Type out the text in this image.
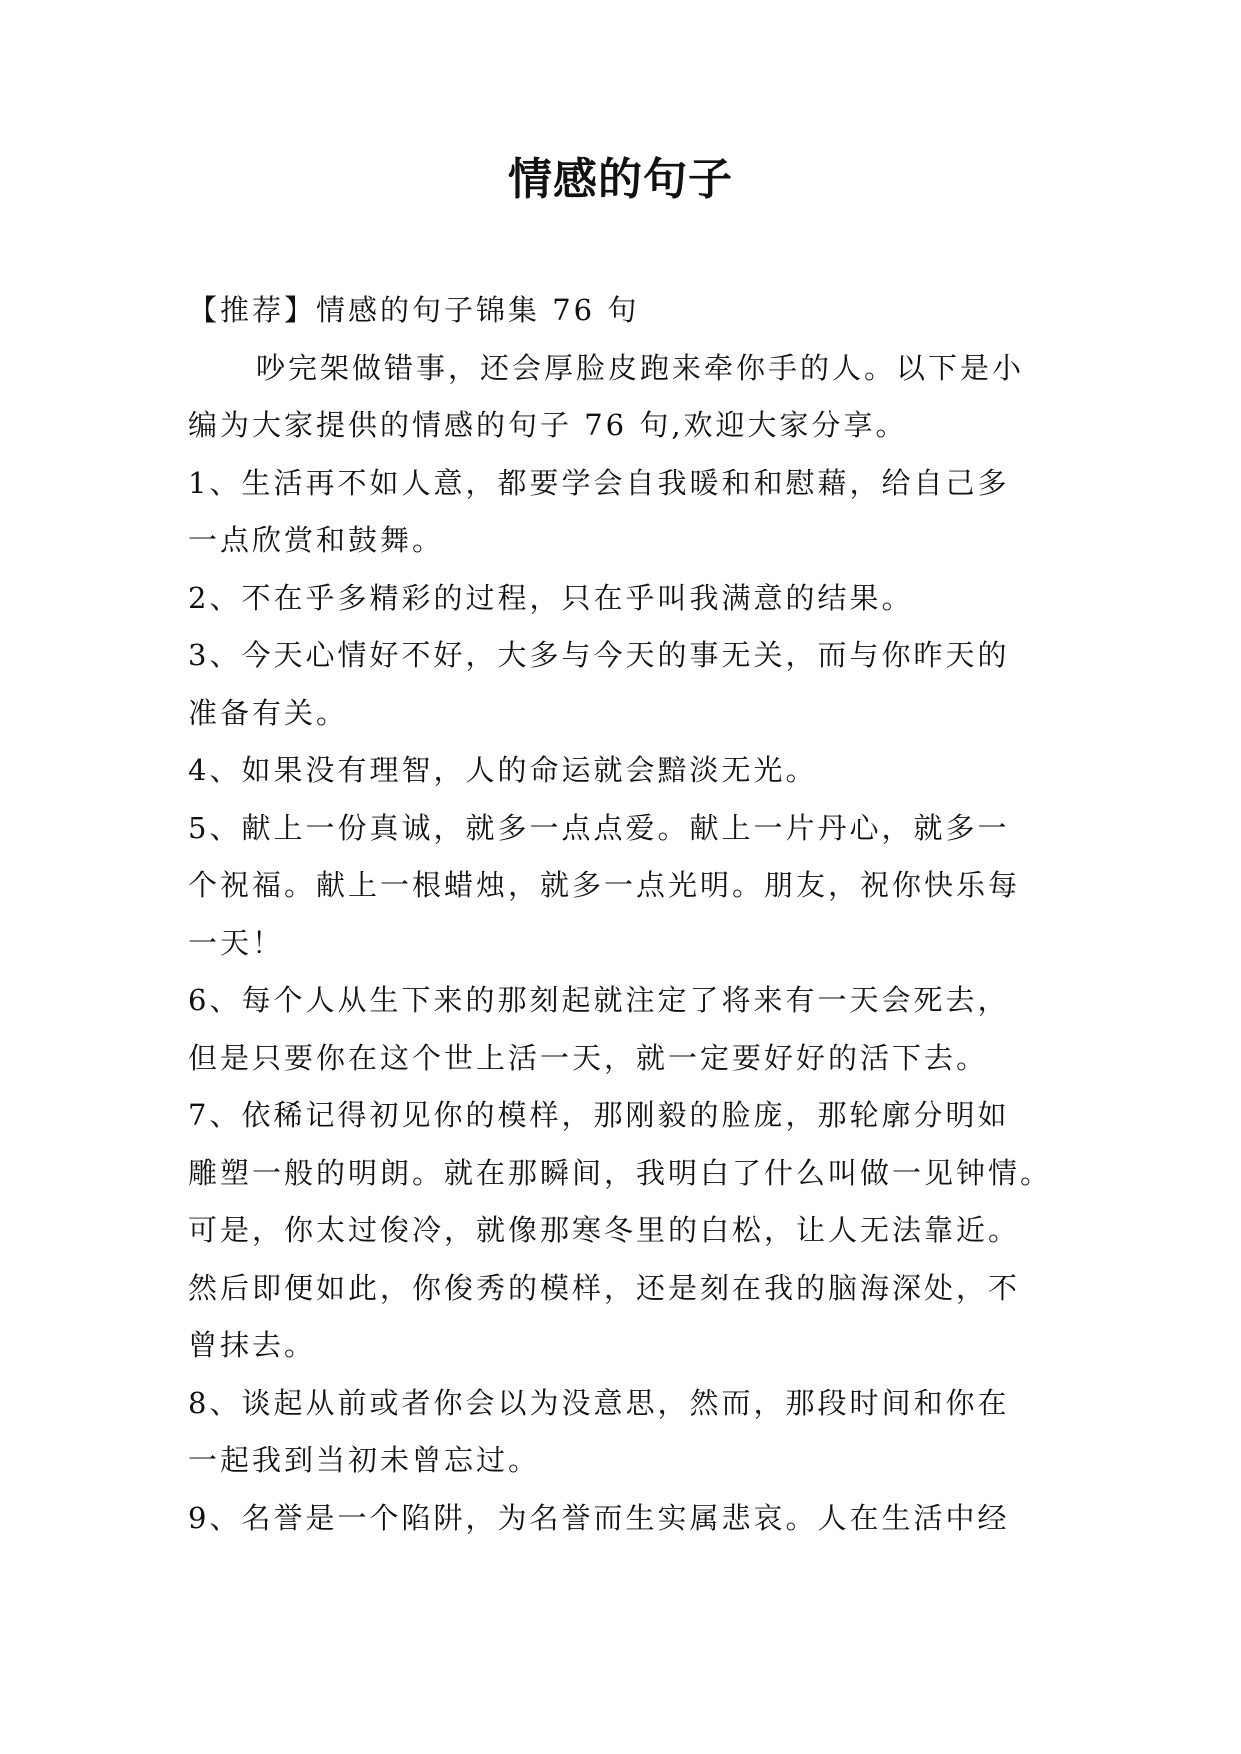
情感的句子
【推荐】情感的句子锦集 76 句
吵完架做错事，还会厚脸皮跑来牵你手的人。以下是小
编为大家提供的情感的句子 76 句,欢迎大家分享。
1、生活再不如人意，都要学会自我暖和和慰藉，给自己多
一点欣赏和鼓舞。
2、不在乎多精彩的过程，只在乎叫我满意的结果。
3、今天心情好不好，大多与今天的事无关，而与你昨天的
准备有关。
4、如果没有理智，人的命运就会黯淡无光。
5、献上一份真诚，就多一点点爱。献上一片丹心，就多一
个祝福。献上一根蜡烛，就多一点光明。朋友，祝你快乐每
一天！
6、每个人从生下来的那刻起就注定了将来有一天会死去，
但是只要你在这个世上活一天，就一定要好好的活下去。
7、依稀记得初见你的模样，那刚毅的脸庞，那轮廓分明如
雕塑一般的明朗。就在那瞬间，我明白了什么叫做一见钟情。
可是，你太过俊冷，就像那寒冬里的白松，让人无法靠近。
然后即便如此，你俊秀的模样，还是刻在我的脑海深处，不
曾抹去。
8、谈起从前或者你会以为没意思，然而，那段时间和你在
一起我到当初未曾忘过。
9、名誉是一个陷阱，为名誉而生实属悲哀。人在生活中经
